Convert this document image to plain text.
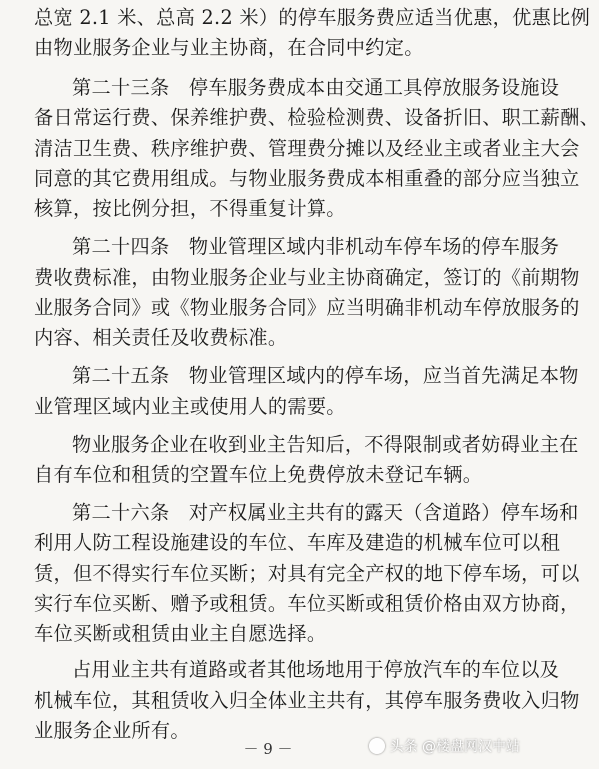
总宽 2.1 米、总高 2.2 米）的停车服务费应适当优惠，优惠比例
由物业服务企业与业主协商，在合同中约定。
第二十三条　停车服务费成本由交通工具停放服务设施设
备日常运行费、保养维护费、检验检测费、设备折旧、职工薪酬、
清洁卫生费、秩序维护费、管理费分摊以及经业主或者业主大会
同意的其它费用组成。与物业服务费成本相重叠的部分应当独立
核算，按比例分担，不得重复计算。
第二十四条　物业管理区域内非机动车停车场的停车服务
费收费标准，由物业服务企业与业主协商确定，签订的《前期物
业服务合同》或《物业服务合同》应当明确非机动车停放服务的
内容、相关责任及收费标准。
第二十五条　物业管理区域内的停车场，应当首先满足本物
业管理区域内业主或使用人的需要。
物业服务企业在收到业主告知后，不得限制或者妨碍业主在
自有车位和租赁的空置车位上免费停放未登记车辆。
第二十六条　对产权属业主共有的露天（含道路）停车场和
利用人防工程设施建设的车位、车库及建造的机械车位可以租
赁，但不得实行车位买断；对具有完全产权的地下停车场，可以
实行车位买断、赠予或租赁。车位买断或租赁价格由双方协商，
车位买断或租赁由业主自愿选择。
占用业主共有道路或者其他场地用于停放汽车的车位以及
机械车位，其租赁收入归全体业主共有，其停车服务费收入归物
－ 9 －	头条 @楼盘网汉中站
业服务企业所有。
